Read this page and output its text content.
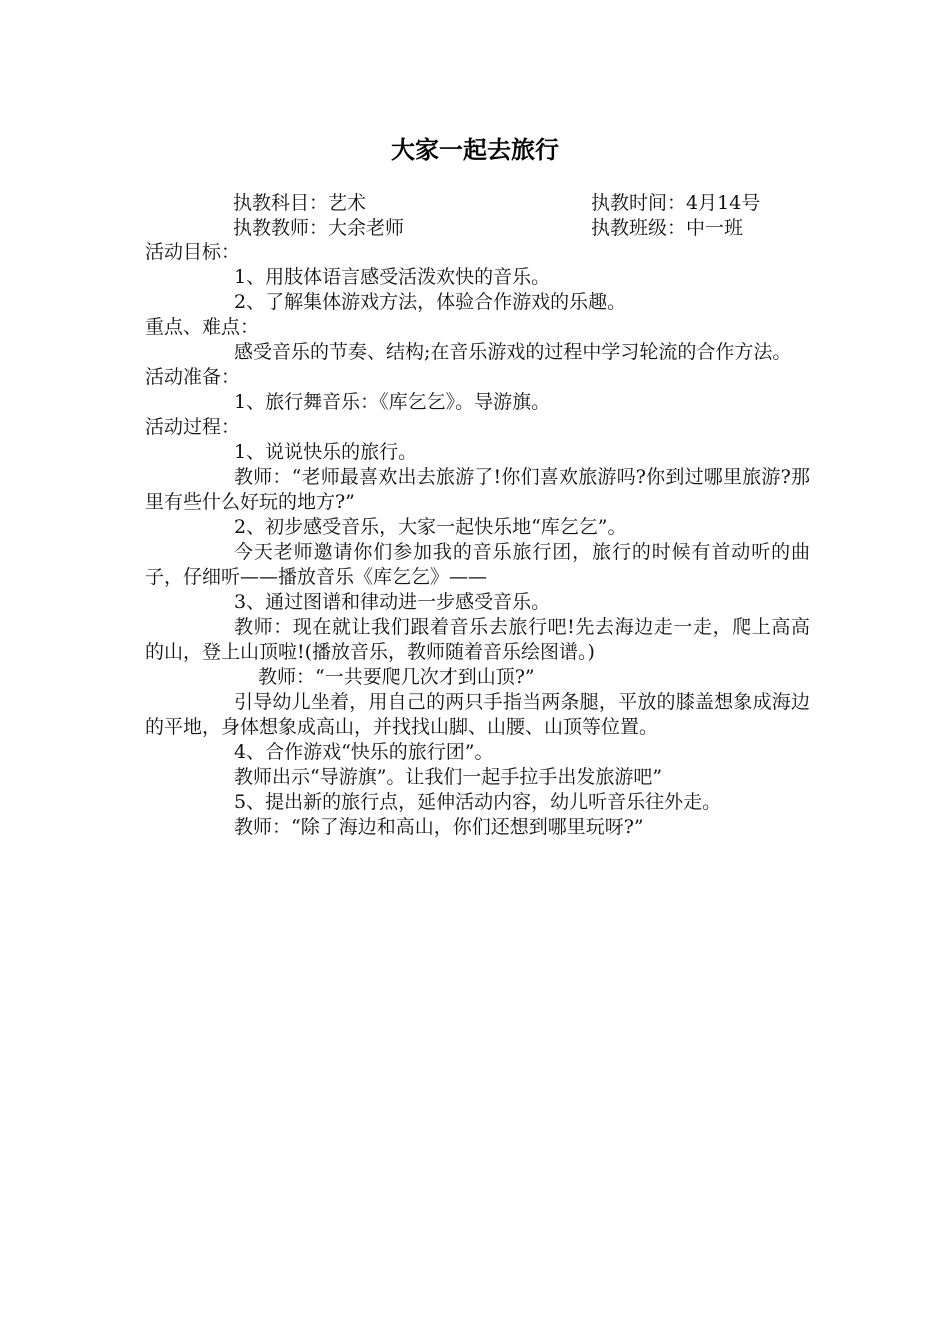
大家一起去旅行
执教科目：艺术	执教时间：4月14号
执教教师：大余老师	执教班级：中一班

活动目标：

1、用肢体语言感受活泼欢快的音乐。

2、了解集体游戏方法，体验合作游戏的乐趣。

重点、难点：

感受音乐的节奏、结构;在音乐游戏的过程中学习轮流的合作方法。

活动准备：

1、旅行舞音乐：《库乞乞》。导游旗。

活动过程：

1、说说快乐的旅行。

教师：“老师最喜欢出去旅游了!你们喜欢旅游吗?你到过哪里旅游?那里有些什么好玩的地方?”

2、初步感受音乐，大家一起快乐地“库乞乞”。

今天老师邀请你们参加我的音乐旅行团，旅行的时候有首动听的曲子，仔细听——播放音乐《库乞乞》——

3、通过图谱和律动进一步感受音乐。

教师：现在就让我们跟着音乐去旅行吧!先去海边走一走，爬上高高的山，登上山顶啦!(播放音乐，教师随着音乐绘图谱。)

教师：“一共要爬几次才到山顶?”

引导幼儿坐着，用自己的两只手指当两条腿，平放的膝盖想象成海边的平地，身体想象成高山，并找找山脚、山腰、山顶等位置。

4、合作游戏“快乐的旅行团”。

教师出示“导游旗”。让我们一起手拉手出发旅游吧”

5、提出新的旅行点，延伸活动内容，幼儿听音乐往外走。

教师：“除了海边和高山，你们还想到哪里玩呀?”
